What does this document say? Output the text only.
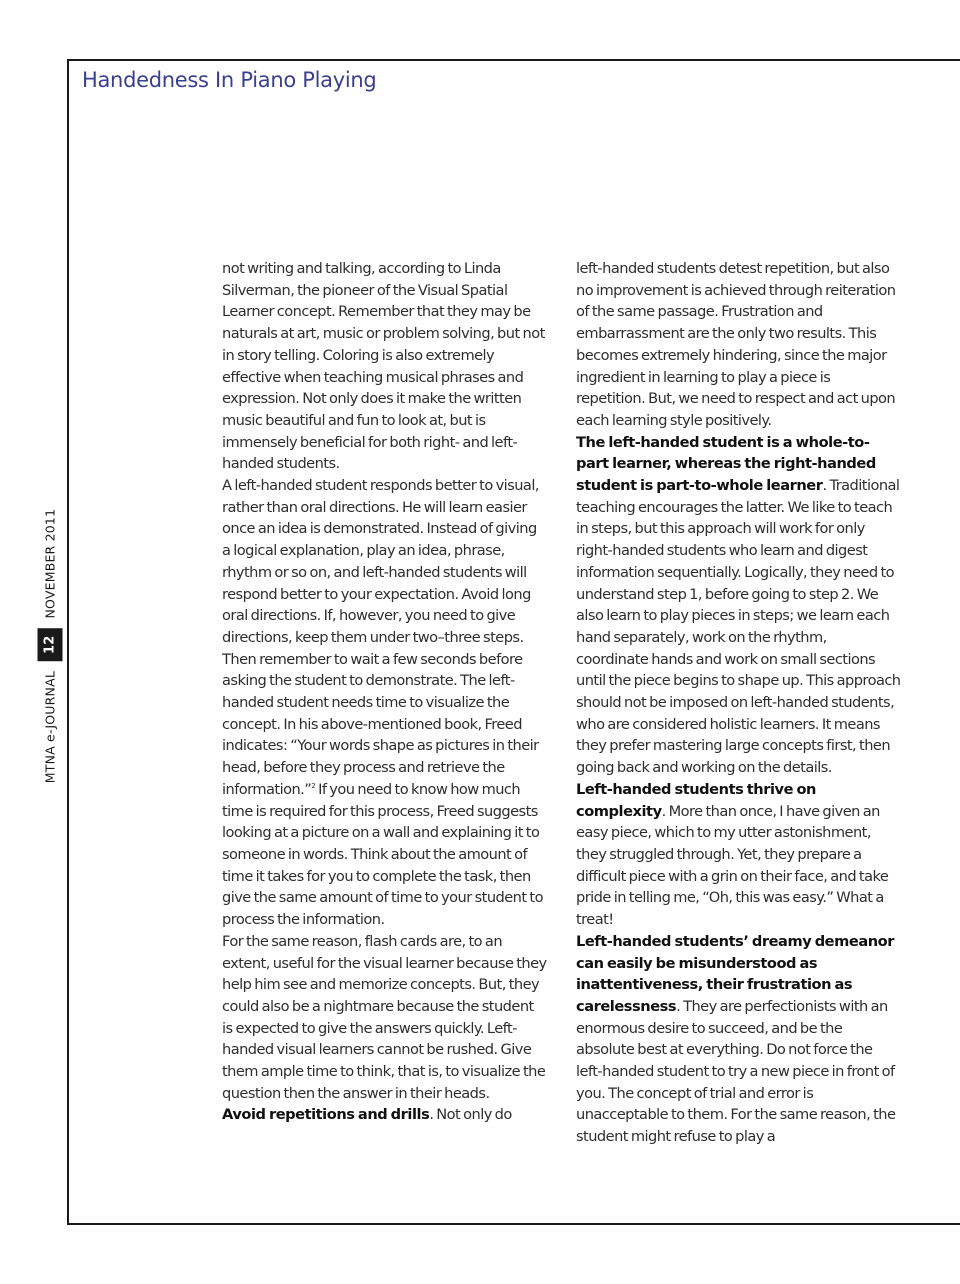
Handedness In Piano Playing
MTNA e-JOURNAL
12
NOVEMBER 2011

not writing and talking, according to Linda Silverman, the pioneer of the Visual Spatial Learner concept. Remember that they may be naturals at art, music or problem solving, but not in story telling. Coloring is also extremely effective when teaching musical phrases and expression. Not only does it make the written music beautiful and fun to look at, but is immensely beneficial for both right- and left-handed students.

A left-handed student responds better to visual, rather than oral directions. He will learn easier once an idea is demonstrated. Instead of giving a logical explanation, play an idea, phrase, rhythm or so on, and left-handed students will respond better to your expectation. Avoid long oral directions. If, however, you need to give directions, keep them under two–three steps. Then remember to wait a few seconds before asking the student to demonstrate. The left-handed student needs time to visualize the concept. In his above-mentioned book, Freed indicates: “Your words shape as pictures in their head, before they process and retrieve the information.”$^2$ If you need to know how much time is required for this process, Freed suggests looking at a picture on a wall and explaining it to someone in words. Think about the amount of time it takes for you to complete the task, then give the same amount of time to your student to process the information.

For the same reason, flash cards are, to an extent, useful for the visual learner because they help him see and memorize concepts. But, they could also be a nightmare because the student is expected to give the answers quickly. Left-handed visual learners cannot be rushed. Give them ample time to think, that is, to visualize the question then the answer in their heads.

Avoid repetitions and drills. Not only do

left-handed students detest repetition, but also no improvement is achieved through reiteration of the same passage. Frustration and embarrassment are the only two results. This becomes extremely hindering, since the major ingredient in learning to play a piece is repetition. But, we need to respect and act upon each learning style positively.

The left-handed student is a whole-to-part learner, whereas the right-handed student is part-to-whole learner. Traditional teaching encourages the latter. We like to teach in steps, but this approach will work for only right-handed students who learn and digest information sequentially. Logically, they need to understand step 1, before going to step 2. We also learn to play pieces in steps; we learn each hand separately, work on the rhythm, coordinate hands and work on small sections until the piece begins to shape up. This approach should not be imposed on left-handed students, who are considered holistic learners. It means they prefer mastering large concepts first, then going back and working on the details.

Left-handed students thrive on complexity. More than once, I have given an easy piece, which to my utter astonishment, they struggled through. Yet, they prepare a difficult piece with a grin on their face, and take pride in telling me, “Oh, this was easy.” What a treat!

Left-handed students’ dreamy demeanor can easily be misunderstood as inattentiveness, their frustration as carelessness. They are perfectionists with an enormous desire to succeed, and be the absolute best at everything. Do not force the left-handed student to try a new piece in front of you. The concept of trial and error is unacceptable to them. For the same reason, the student might refuse to play a
